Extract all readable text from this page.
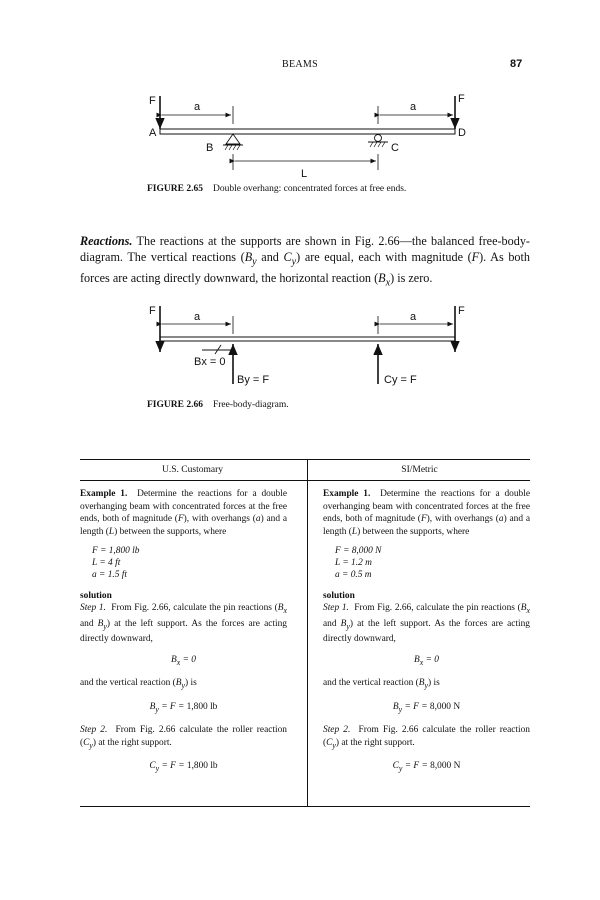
BEAMS	87
F	F
A	D
a	a
B	C
L
FIGURE 2.65 Double overhang: concentrated forces at free ends.
Reactions. The reactions at the supports are shown in Fig. 2.66—the balanced free-body-diagram. The vertical reactions ($B_y$ and $C_y$) are equal, each with magnitude (F). As both forces are acting directly downward, the horizontal reaction $(B_x)$ is zero.
F	F
a	a
Bx = 0
By = F	Cy = F
FIGURE 2.66 Free-body-diagram.
U.S. Customary	SI/Metric

Example 1.  Determine the reactions for a double overhanging beam with concentrated forces at the free ends, both of magnitude (F), with overhangs (a) and a length (L) between the supports, where

F = 1,800 lb

L = 4 ft

a = 1.5 ft

solution

Step 1.  From Fig. 2.66, calculate the pin reactions ($B_x$ and $B_y$) at the left support. As the forces are acting directly downward,

$B_x = 0$

and the vertical reaction $(B_y)$ is

$B_y = F = 1,800$ lb

Step 2.  From Fig. 2.66 calculate the roller reaction $(C_y)$ at the right support.

$C_y = F = 1,800$ lb

Example 1.  Determine the reactions for a double overhanging beam with concentrated forces at the free ends, both of magnitude (F), with overhangs (a) and a length (L) between the supports, where

F = 8,000 N

L = 1.2 m

a = 0.5 m

solution

Step 1.  From Fig. 2.66, calculate the pin reactions ($B_x$ and $B_y$) at the left support. As the forces are acting directly downward,

$B_x = 0$

and the vertical reaction $(B_y)$ is

$B_y = F = 8,000$ N

Step 2.  From Fig. 2.66 calculate the roller reaction $(C_y)$ at the right support.

$C_y = F = 8,000$ N
